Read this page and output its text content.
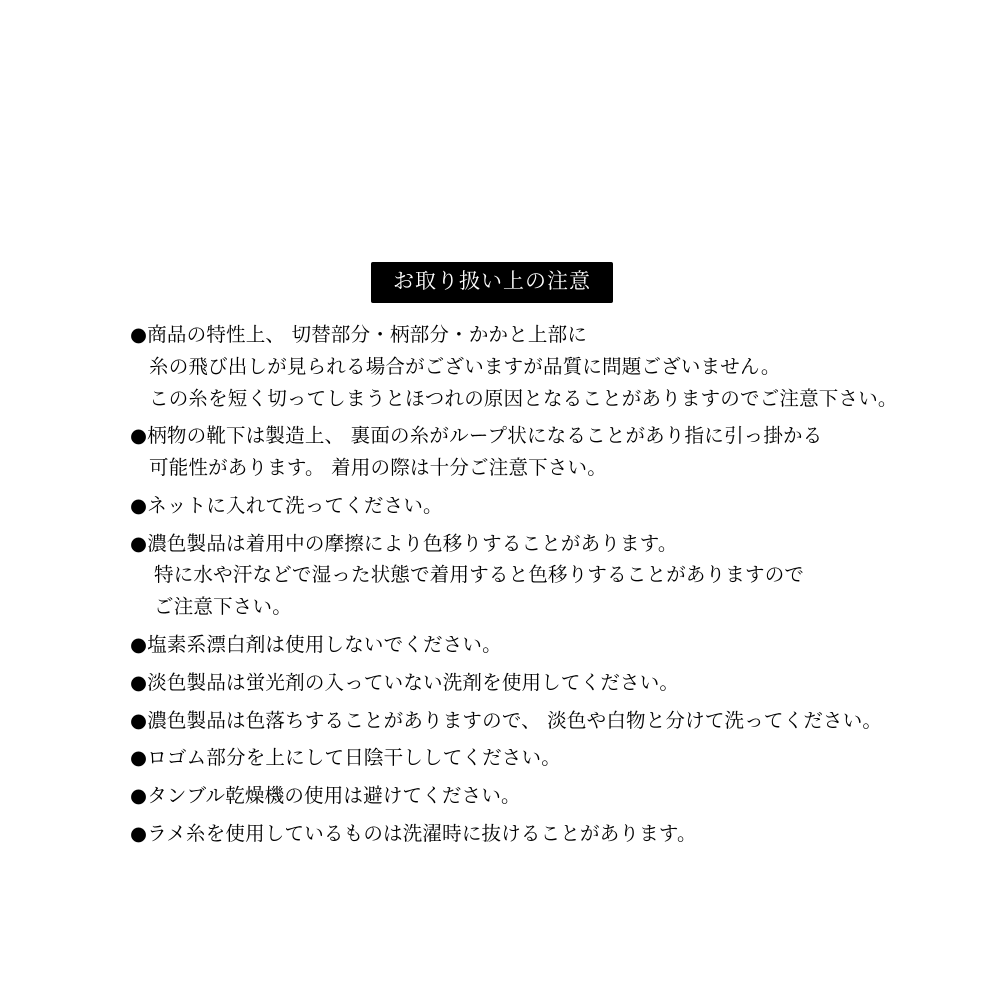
お取り扱い上の注意
●商品の特性上、 切替部分・柄部分・かかと上部に
糸の飛び出しが見られる場合がございますが品質に問題ございません。
この糸を短く切ってしまうとほつれの原因となることがありますのでご注意下さい。
●柄物の靴下は製造上、 裏面の糸がループ状になることがあり指に引っ掛かる
可能性があります。 着用の際は十分ご注意下さい。
●ネットに入れて洗ってください。
●濃色製品は着用中の摩擦により色移りすることがあります。
特に水や汗などで湿った状態で着用すると色移りすることがありますので
ご注意下さい。
●塩素系漂白剤は使用しないでください。
●淡色製品は蛍光剤の入っていない洗剤を使用してください。
●濃色製品は色落ちすることがありますので、 淡色や白物と分けて洗ってください。
●ロゴム部分を上にして日陰干ししてください。
●タンブル乾燥機の使用は避けてください。
●ラメ糸を使用しているものは洗濯時に抜けることがあります。
